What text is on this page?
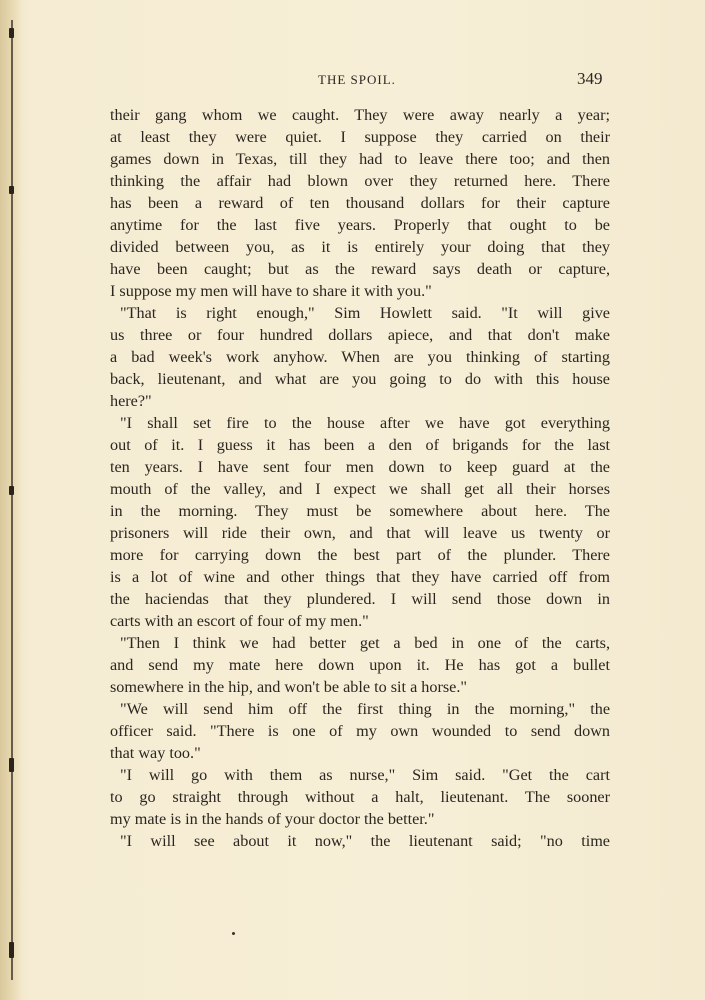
THE SPOIL.	349
their gang whom we caught. They were away nearly a year;
at least they were quiet. I suppose they carried on their
games down in Texas, till they had to leave there too; and then
thinking the affair had blown over they returned here. There
has been a reward of ten thousand dollars for their capture
anytime for the last five years. Properly that ought to be
divided between you, as it is entirely your doing that they
have been caught; but as the reward says death or capture,
I suppose my men will have to share it with you."
"That is right enough," Sim Howlett said. "It will give
us three or four hundred dollars apiece, and that don't make
a bad week's work anyhow. When are you thinking of starting
back, lieutenant, and what are you going to do with this house
here?"
"I shall set fire to the house after we have got everything
out of it. I guess it has been a den of brigands for the last
ten years. I have sent four men down to keep guard at the
mouth of the valley, and I expect we shall get all their horses
in the morning. They must be somewhere about here. The
prisoners will ride their own, and that will leave us twenty or
more for carrying down the best part of the plunder. There
is a lot of wine and other things that they have carried off from
the haciendas that they plundered. I will send those down in
carts with an escort of four of my men."
"Then I think we had better get a bed in one of the carts,
and send my mate here down upon it. He has got a bullet
somewhere in the hip, and won't be able to sit a horse."
"We will send him off the first thing in the morning," the
officer said. "There is one of my own wounded to send down
that way too."
"I will go with them as nurse," Sim said. "Get the cart
to go straight through without a halt, lieutenant. The sooner
my mate is in the hands of your doctor the better."
"I will see about it now," the lieutenant said; "no time
